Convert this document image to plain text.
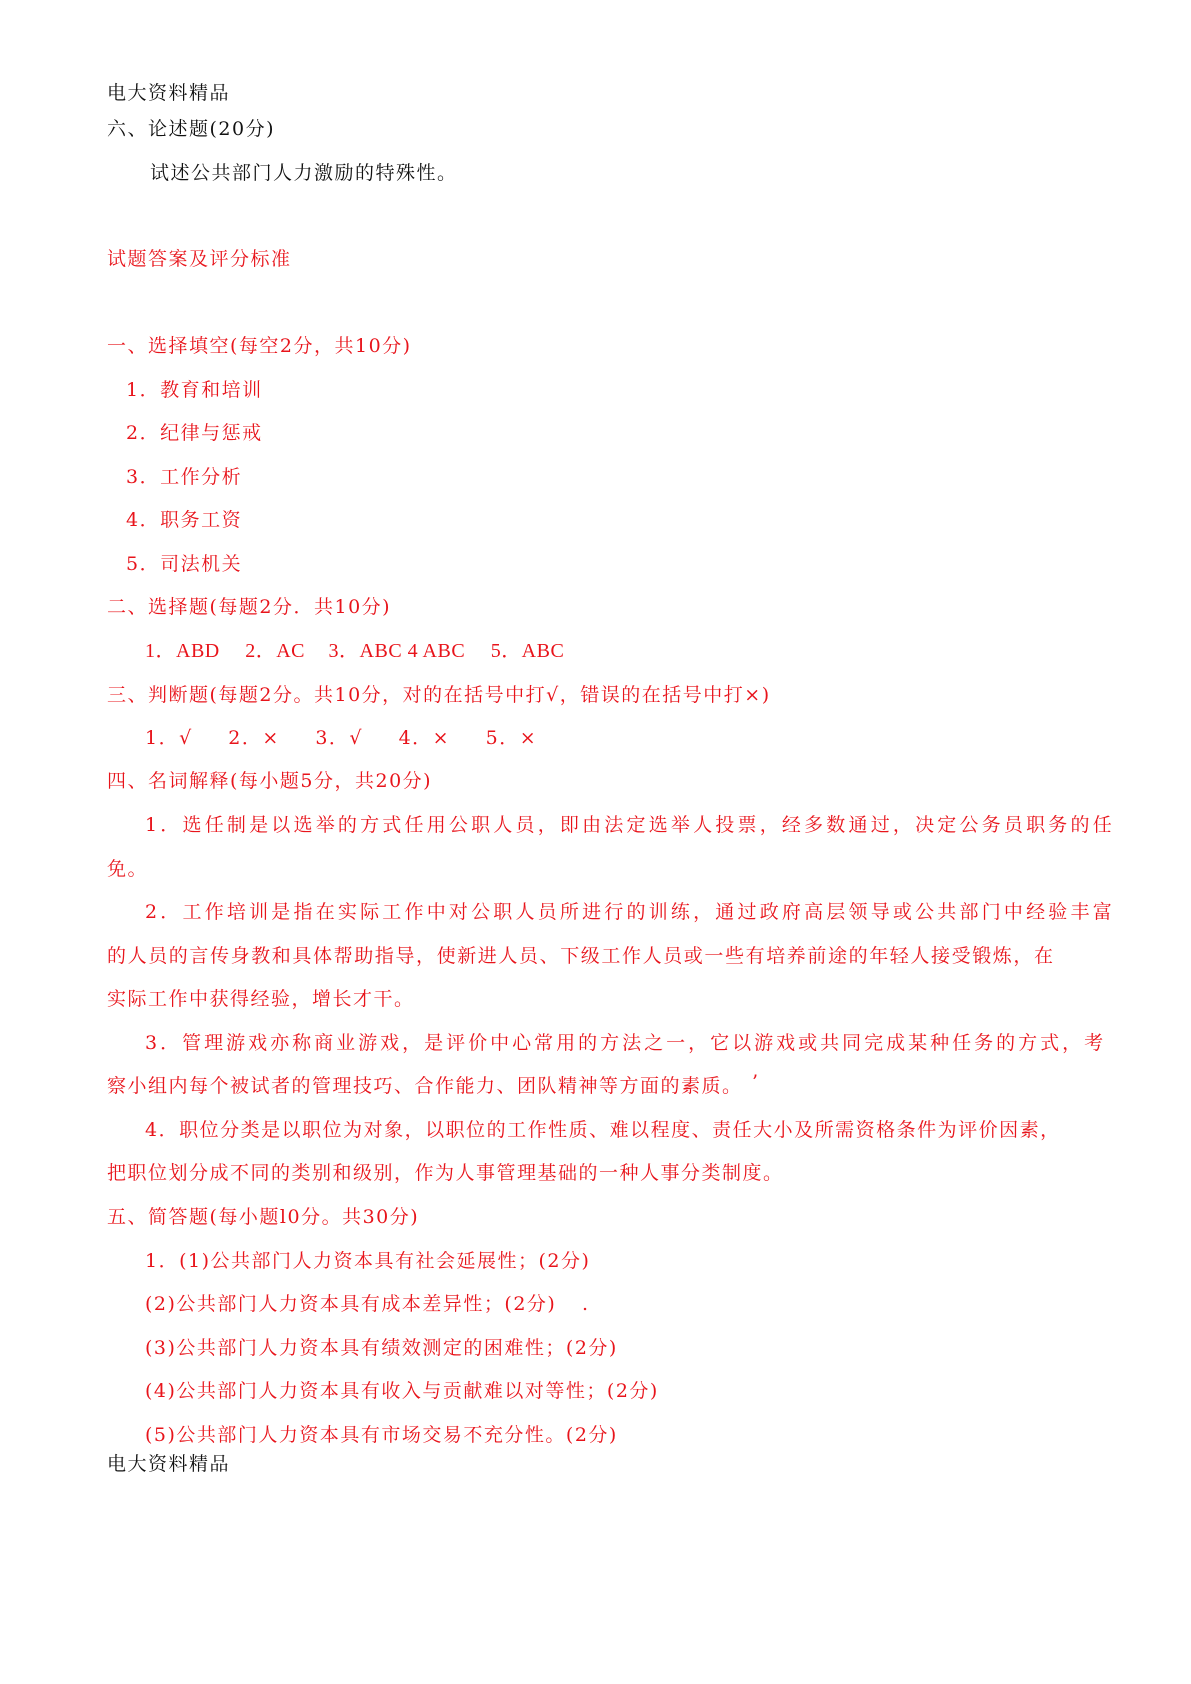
电大资料精品
六、论述题(20分)
试述公共部门人力激励的特殊性。
试题答案及评分标准
一、选择填空(每空2分，共10分)
1．教育和培训
2．纪律与惩戒
3．工作分析
4．职务工资
5．司法机关
二、选择题(每题2分．共10分)
1．ABD 2．AC 3．ABC 4 ABC 5．ABC
三、判断题(每题2分。共10分，对的在括号中打√，错误的在括号中打×)
1．√ 2．× 3．√ 4．× 5．×
四、名词解释(每小题5分，共20分)
1．选任制是以选举的方式任用公职人员，即由法定选举人投票，经多数通过，决定公务员职务的任
免。
2．工作培训是指在实际工作中对公职人员所进行的训练，通过政府高层领导或公共部门中经验丰富
的人员的言传身教和具体帮助指导，使新进人员、下级工作人员或一些有培养前途的年轻人接受锻炼，在
实际工作中获得经验，增长才干。
3．管理游戏亦称商业游戏，是评价中心常用的方法之一，它以游戏或共同完成某种任务的方式，考
察小组内每个被试者的管理技巧、合作能力、团队精神等方面的素质。 ’
4．职位分类是以职位为对象，以职位的工作性质、难以程度、责任大小及所需资格条件为评价因素，
把职位划分成不同的类别和级别，作为人事管理基础的一种人事分类制度。
五、简答题(每小题l0分。共30分)
1．(1)公共部门人力资本具有社会延展性；(2分)
(2)公共部门人力资本具有成本差异性；(2分) .
(3)公共部门人力资本具有绩效测定的困难性；(2分)
(4)公共部门人力资本具有收入与贡献难以对等性；(2分)
(5)公共部门人力资本具有市场交易不充分性。(2分)
电大资料精品
